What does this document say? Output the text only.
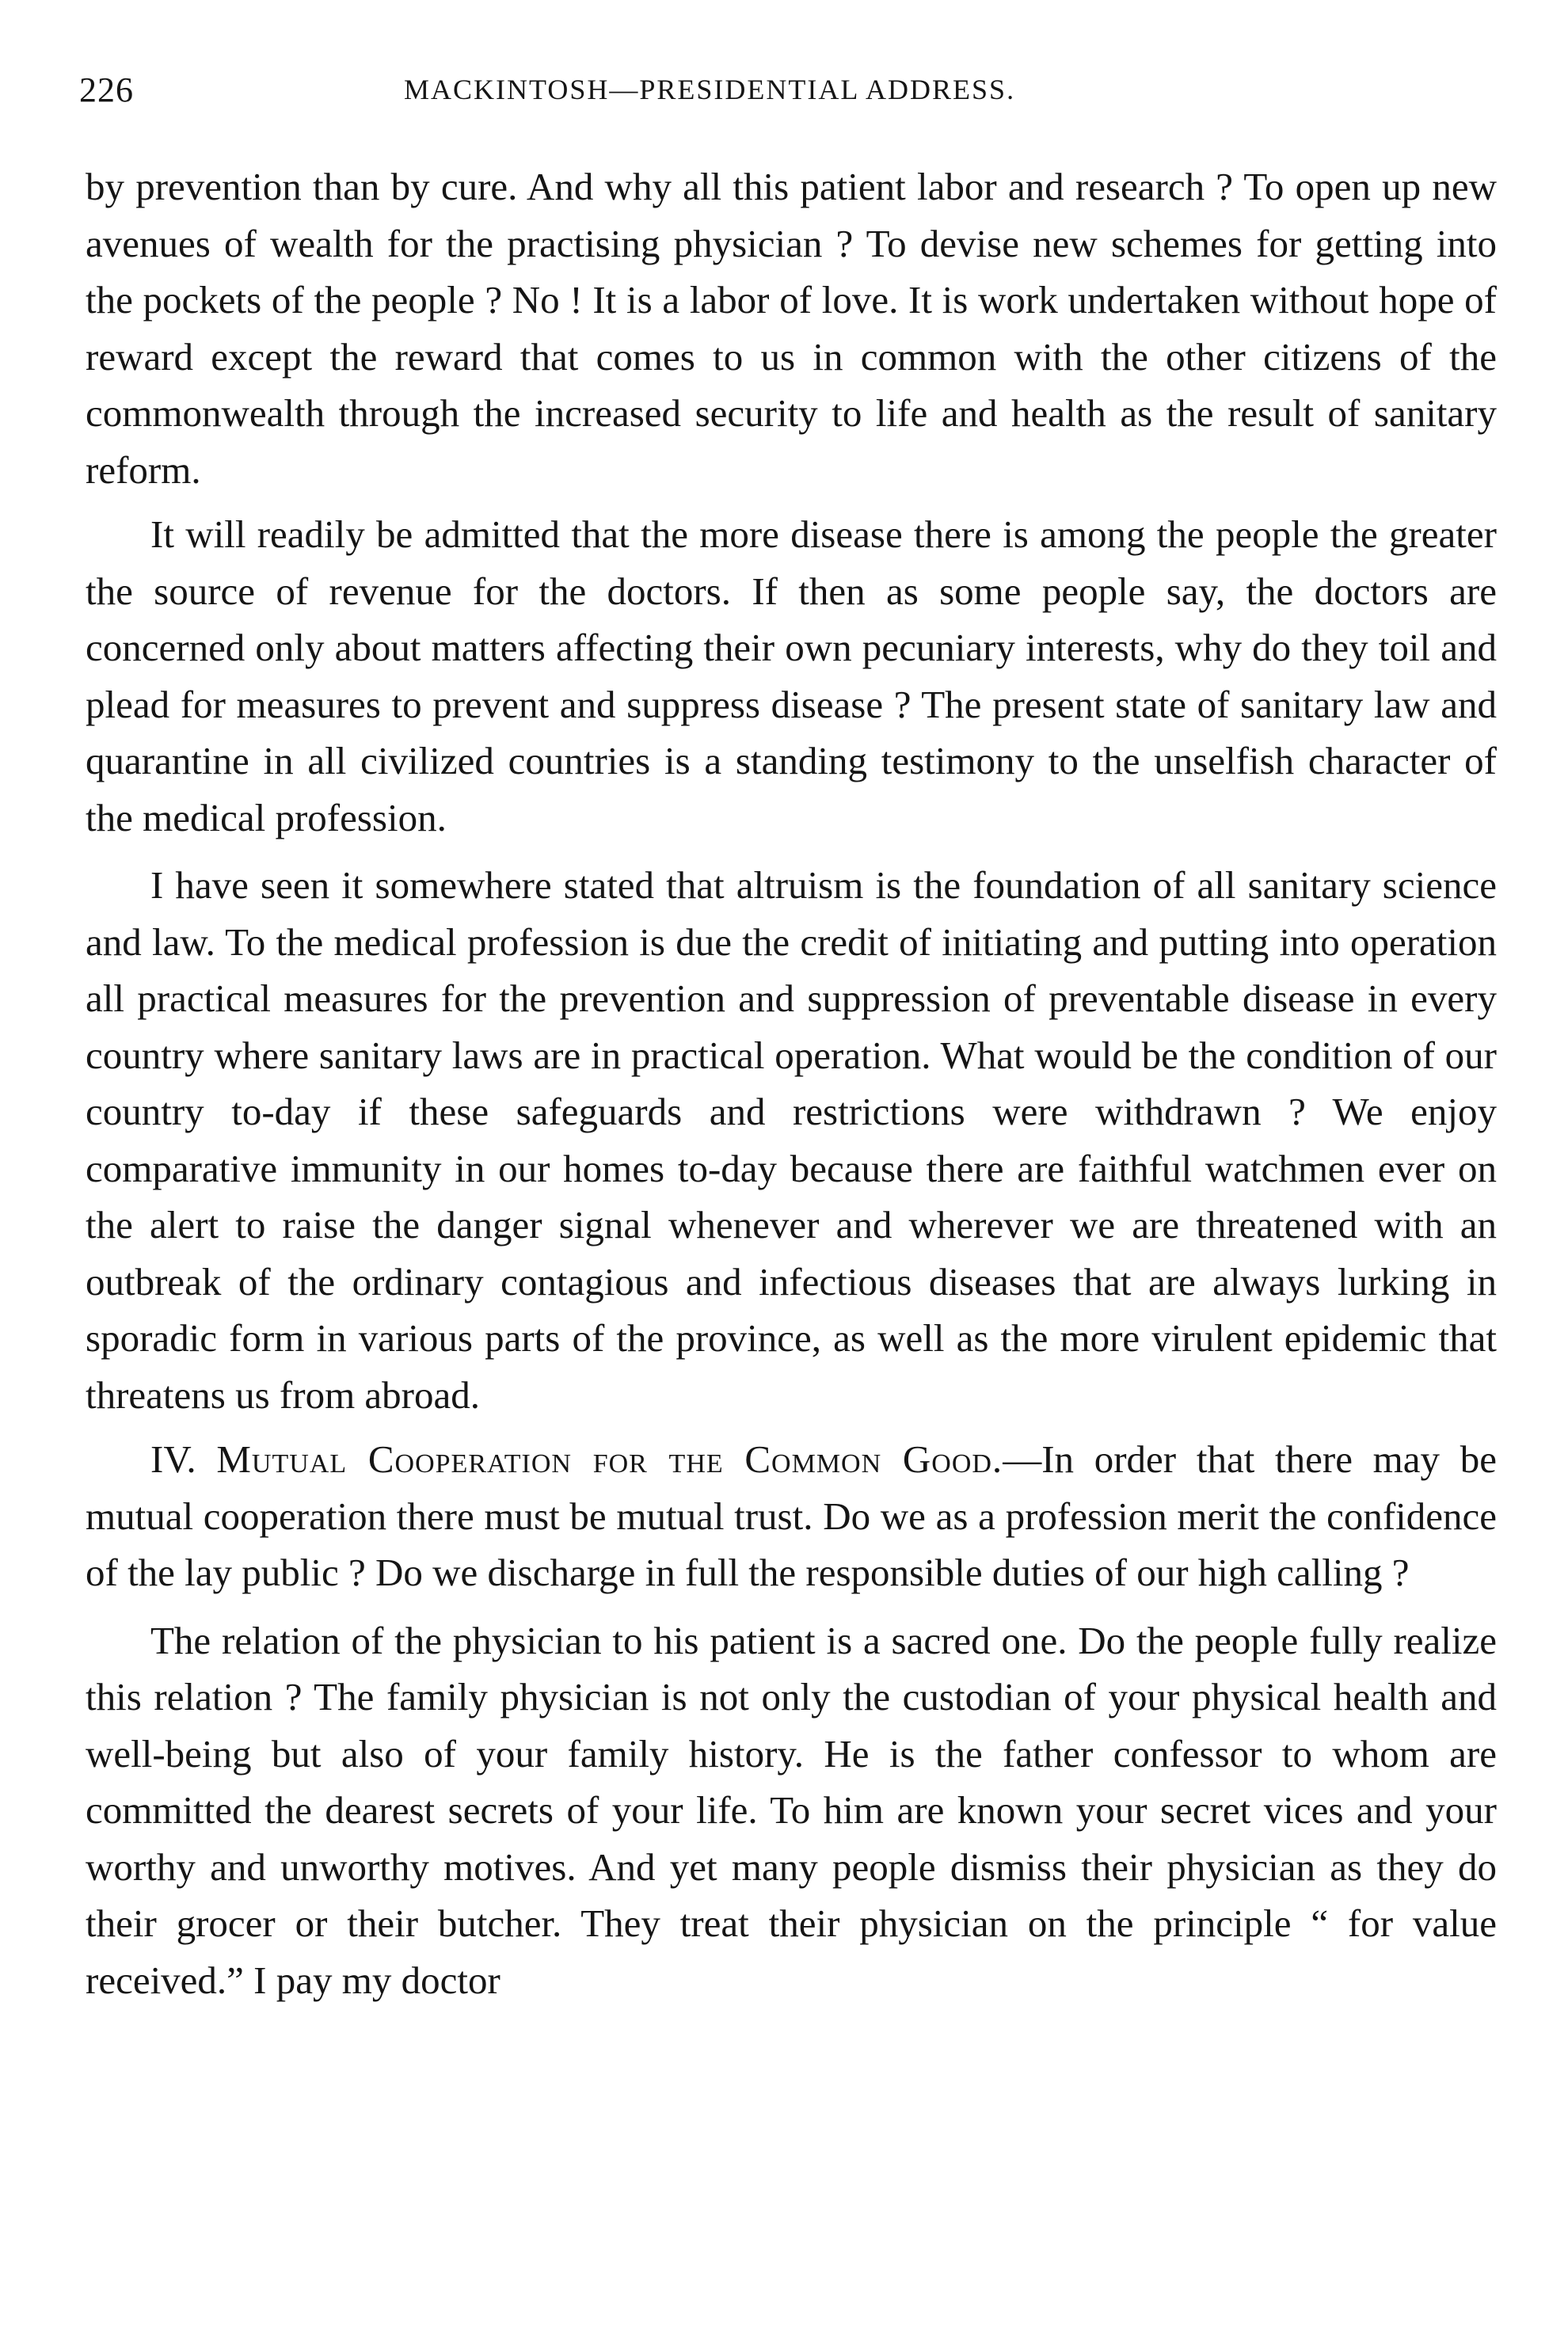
226	MACKINTOSH—PRESIDENTIAL ADDRESS.

by prevention than by cure. And why all this patient labor and research ? To open up new avenues of wealth for the practising physician ? To devise new schemes for getting into the pockets of the people ? No ! It is a labor of love. It is work undertaken without hope of reward except the reward that comes to us in common with the other citizens of the commonwealth through the increased security to life and health as the result of sanitary reform.

It will readily be admitted that the more disease there is among the people the greater the source of revenue for the doctors. If then as some people say, the doctors are concerned only about matters affecting their own pecuniary interests, why do they toil and plead for measures to prevent and suppress disease ? The present state of sanitary law and quarantine in all civilized countries is a standing testimony to the unselfish character of the medical profession.

I have seen it somewhere stated that altruism is the foundation of all sanitary science and law. To the medical profession is due the credit of initiating and putting into operation all practical measures for the prevention and suppression of preventable disease in every country where sanitary laws are in practical operation. What would be the condition of our country to-day if these safeguards and restrictions were withdrawn ? We enjoy comparative immunity in our homes to-day because there are faithful watchmen ever on the alert to raise the danger signal whenever and wherever we are threatened with an outbreak of the ordinary contagious and infectious diseases that are always lurking in sporadic form in various parts of the province, as well as the more virulent epidemic that threatens us from abroad.

IV. Mutual Cooperation for the Common Good.—In order that there may be mutual cooperation there must be mutual trust. Do we as a profession merit the confidence of the lay public ? Do we discharge in full the responsible duties of our high calling ?

The relation of the physician to his patient is a sacred one. Do the people fully realize this relation ? The family physician is not only the custodian of your physical health and well-being but also of your family history. He is the father confessor to whom are committed the dearest secrets of your life. To him are known your secret vices and your worthy and unworthy motives. And yet many people dismiss their physician as they do their grocer or their butcher. They treat their physician on the principle “ for value received.” I pay my doctor
